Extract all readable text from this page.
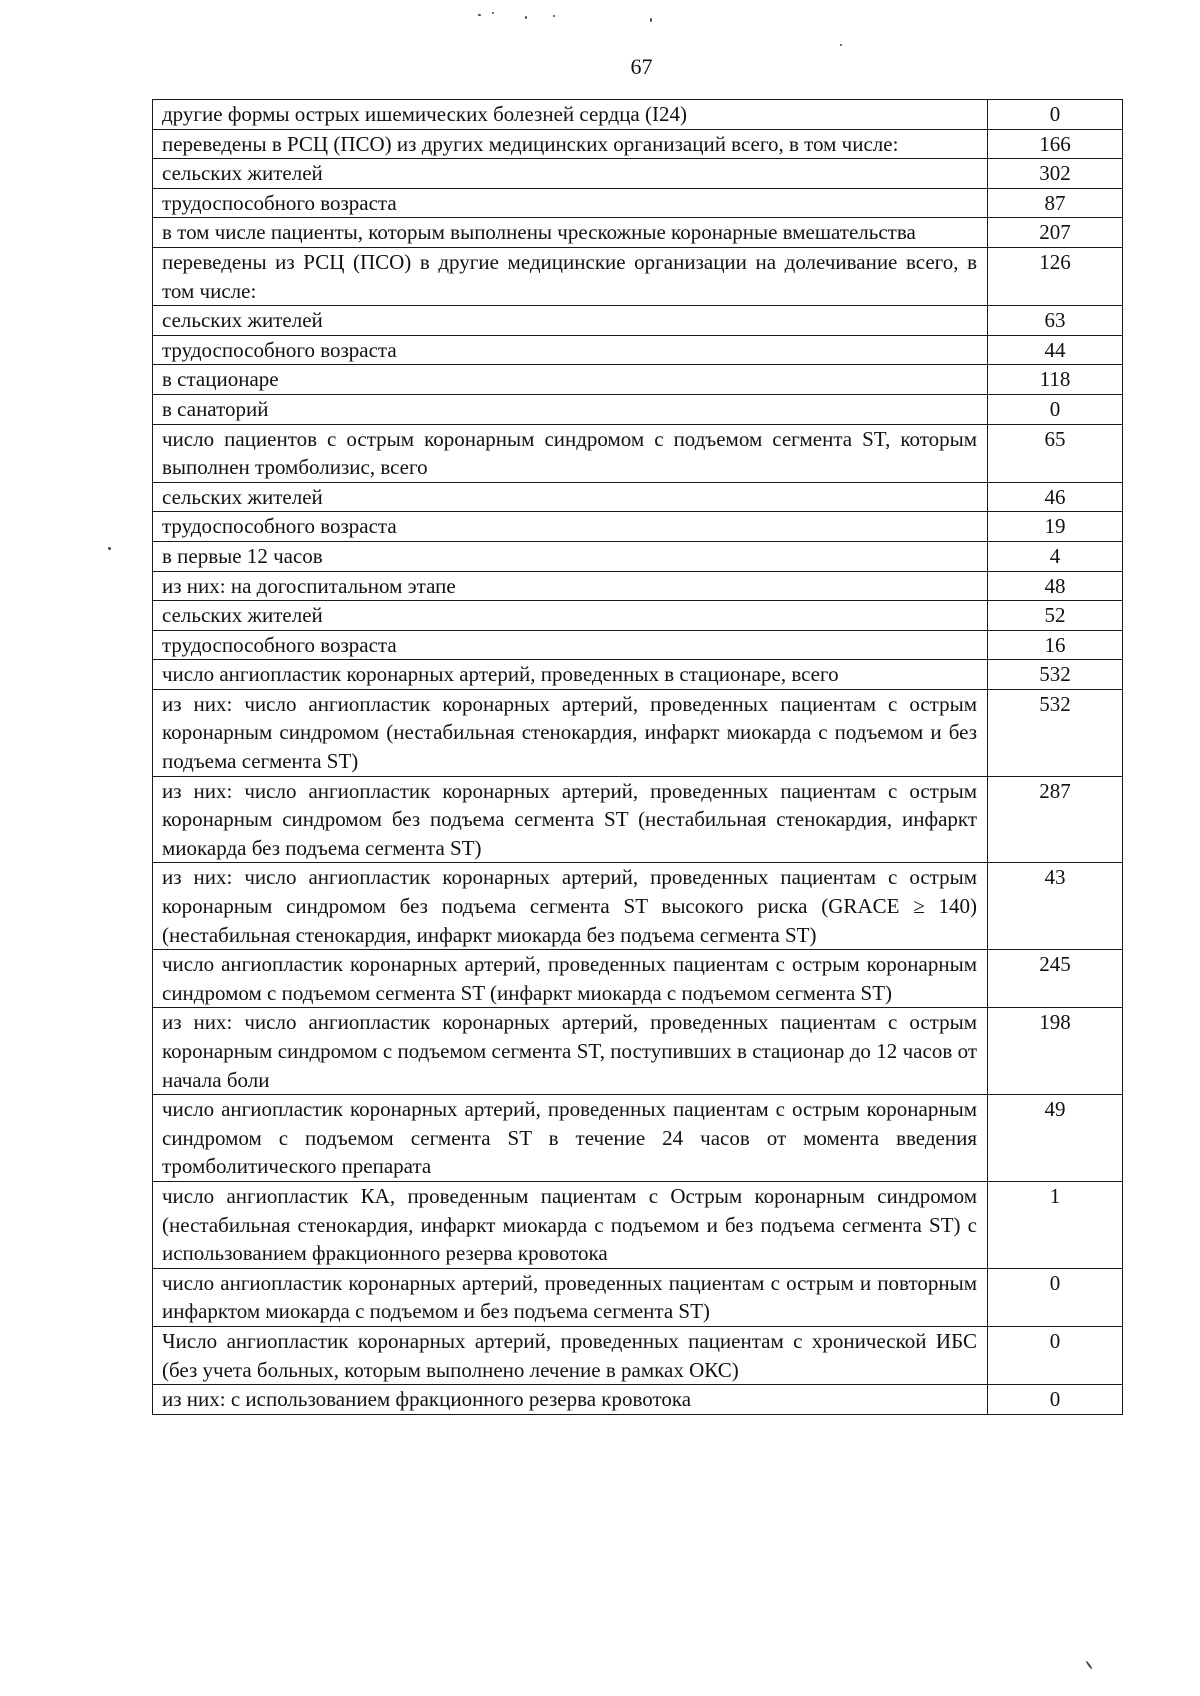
67
другие формы острых ишемических болезней сердца (I24)	0
переведены в РСЦ (ПСО) из других медицинских организаций всего, в том числе:	166
сельских жителей	302
трудоспособного возраста	87
в том числе пациенты, которым выполнены чрескожные коронарные вмешательства	207
переведены из РСЦ (ПСО) в другие медицинские организации на долечивание всего, в том числе:	126
сельских жителей	63
трудоспособного возраста	44
в стационаре	118
в санаторий	0
число пациентов с острым коронарным синдромом с подъемом сегмента ST, которым выполнен тромболизис, всего	65
сельских жителей	46
трудоспособного возраста	19
в первые 12 часов	4
из них: на догоспитальном этапе	48
сельских жителей	52
трудоспособного возраста	16
число ангиопластик коронарных артерий, проведенных в стационаре, всего	532
из них: число ангиопластик коронарных артерий, проведенных пациентам с острым коронарным синдромом (нестабильная стенокардия, инфаркт миокарда с подъемом и без подъема сегмента ST)	532
из них: число ангиопластик коронарных артерий, проведенных пациентам с острым коронарным синдромом без подъема сегмента ST (нестабильная стенокардия, инфаркт миокарда без подъема сегмента ST)	287
из них: число ангиопластик коронарных артерий, проведенных пациентам с острым коронарным синдромом без подъема сегмента ST высокого риска (GRACE ≥ 140) (нестабильная стенокардия, инфаркт миокарда без подъема сегмента ST)	43
число ангиопластик коронарных артерий, проведенных пациентам с острым коронарным синдромом с подъемом сегмента ST (инфаркт миокарда с подъемом сегмента ST)	245
из них: число ангиопластик коронарных артерий, проведенных пациентам с острым коронарным синдромом с подъемом сегмента ST, поступивших в стационар до 12 часов от начала боли	198
число ангиопластик коронарных артерий, проведенных пациентам с острым коронарным синдромом с подъемом сегмента ST в течение 24 часов от момента введения тромболитического препарата	49
число ангиопластик КА, проведенным пациентам с Острым коронарным синдромом (нестабильная стенокардия, инфаркт миокарда с подъемом и без подъема сегмента ST) с использованием фракционного резерва кровотока	1
число ангиопластик коронарных артерий, проведенных пациентам с острым и повторным инфарктом миокарда с подъемом и без подъема сегмента ST)	0
Число ангиопластик коронарных артерий, проведенных пациентам с хронической ИБС (без учета больных, которым выполнено лечение в рамках ОКС)	0
из них: с использованием фракционного резерва кровотока	0
